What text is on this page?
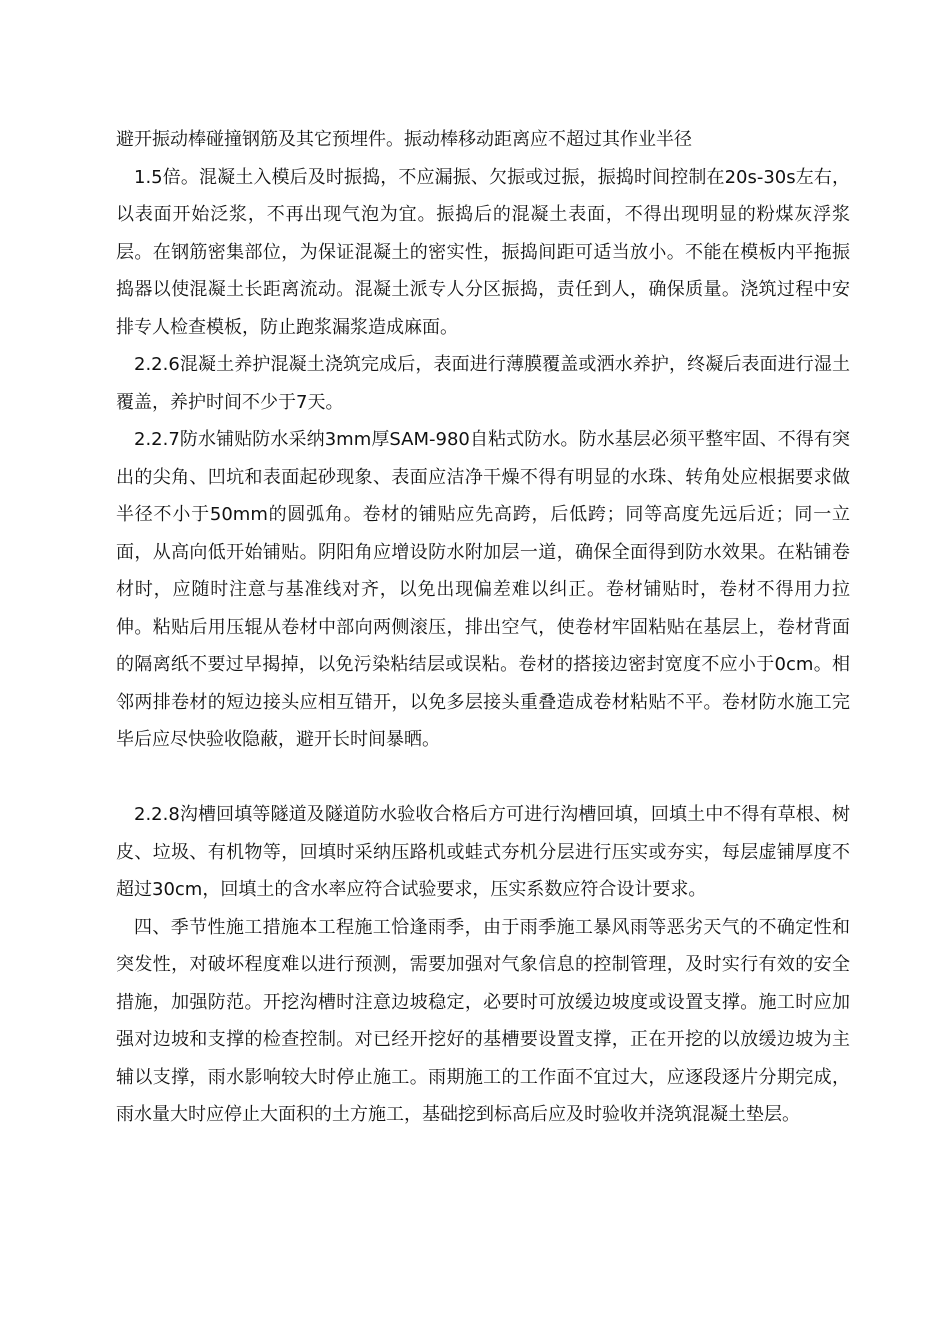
避开振动棒碰撞钢筋及其它预埋件。振动棒移动距离应不超过其作业半径

1.5倍。混凝土入模后及时振捣，不应漏振、欠振或过振，振捣时间控制在20s-30s左右，以表面开始泛浆，不再出现气泡为宜。振捣后的混凝土表面，不得出现明显的粉煤灰浮浆层。在钢筋密集部位，为保证混凝土的密实性，振捣间距可适当放小。不能在模板内平拖振捣器以使混凝土长距离流动。混凝土派专人分区振捣，责任到人，确保质量。浇筑过程中安排专人检查模板，防止跑浆漏浆造成麻面。

2.2.6混凝土养护混凝土浇筑完成后，表面进行薄膜覆盖或洒水养护，终凝后表面进行湿土覆盖，养护时间不少于7天。

2.2.7防水铺贴防水采纳3mm厚SAM-980自粘式防水。防水基层必须平整牢固、不得有突出的尖角、凹坑和表面起砂现象、表面应洁净干燥不得有明显的水珠、转角处应根据要求做半径不小于50mm的圆弧角。卷材的铺贴应先高跨，后低跨；同等高度先远后近；同一立面，从高向低开始铺贴。阴阳角应增设防水附加层一道，确保全面得到防水效果。在粘铺卷材时，应随时注意与基准线对齐，以免出现偏差难以纠正。卷材铺贴时，卷材不得用力拉伸。粘贴后用压辊从卷材中部向两侧滚压，排出空气，使卷材牢固粘贴在基层上，卷材背面的隔离纸不要过早揭掉，以免污染粘结层或误粘。卷材的搭接边密封宽度不应小于0cm。相邻两排卷材的短边接头应相互错开，以免多层接头重叠造成卷材粘贴不平。卷材防水施工完毕后应尽快验收隐蔽，避开长时间暴晒。

2.2.8沟槽回填等隧道及隧道防水验收合格后方可进行沟槽回填，回填土中不得有草根、树皮、垃圾、有机物等，回填时采纳压路机或蛙式夯机分层进行压实或夯实，每层虚铺厚度不超过30cm，回填土的含水率应符合试验要求，压实系数应符合设计要求。

四、季节性施工措施本工程施工恰逢雨季，由于雨季施工暴风雨等恶劣天气的不确定性和突发性，对破坏程度难以进行预测，需要加强对气象信息的控制管理，及时实行有效的安全措施，加强防范。开挖沟槽时注意边坡稳定，必要时可放缓边坡度或设置支撑。施工时应加强对边坡和支撑的检查控制。对已经开挖好的基槽要设置支撑，正在开挖的以放缓边坡为主辅以支撑，雨水影响较大时停止施工。雨期施工的工作面不宜过大，应逐段逐片分期完成，雨水量大时应停止大面积的土方施工，基础挖到标高后应及时验收并浇筑混凝土垫层。
